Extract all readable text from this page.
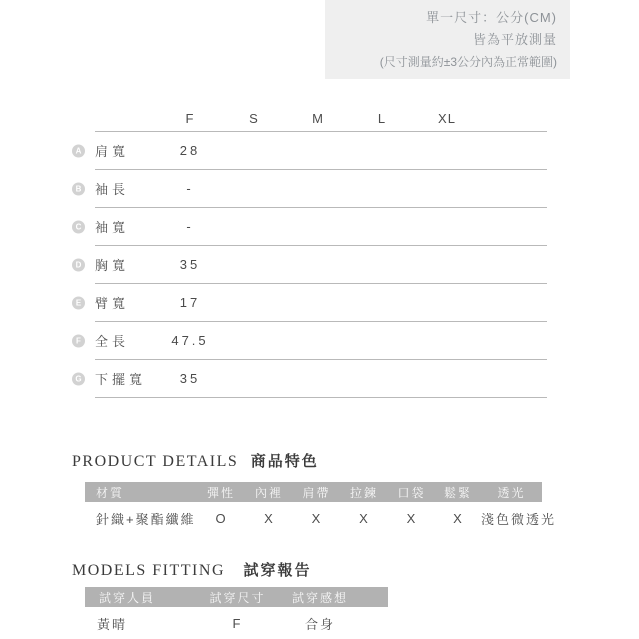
單一尺寸：公分(CM)
皆為平放測量
(尺寸測量約±3公分內為正常範圍)
F	S	M	L	XL
A 肩寬	28
B 袖長	-
C 袖寬	-
D 胸寬	35
E 臂寬	17
F	全長	47.5
G 下擺寬	35
PRODUCT DETAILS 商品特色
材質	彈性	內裡	肩帶	拉鍊	口袋	鬆緊	透光
針織+聚酯纖維	O	X	X	X	X	X	淺色微透光
MODELS FITTING 試穿報告
試穿人員	試穿尺寸	試穿感想
黃晴	F	合身
